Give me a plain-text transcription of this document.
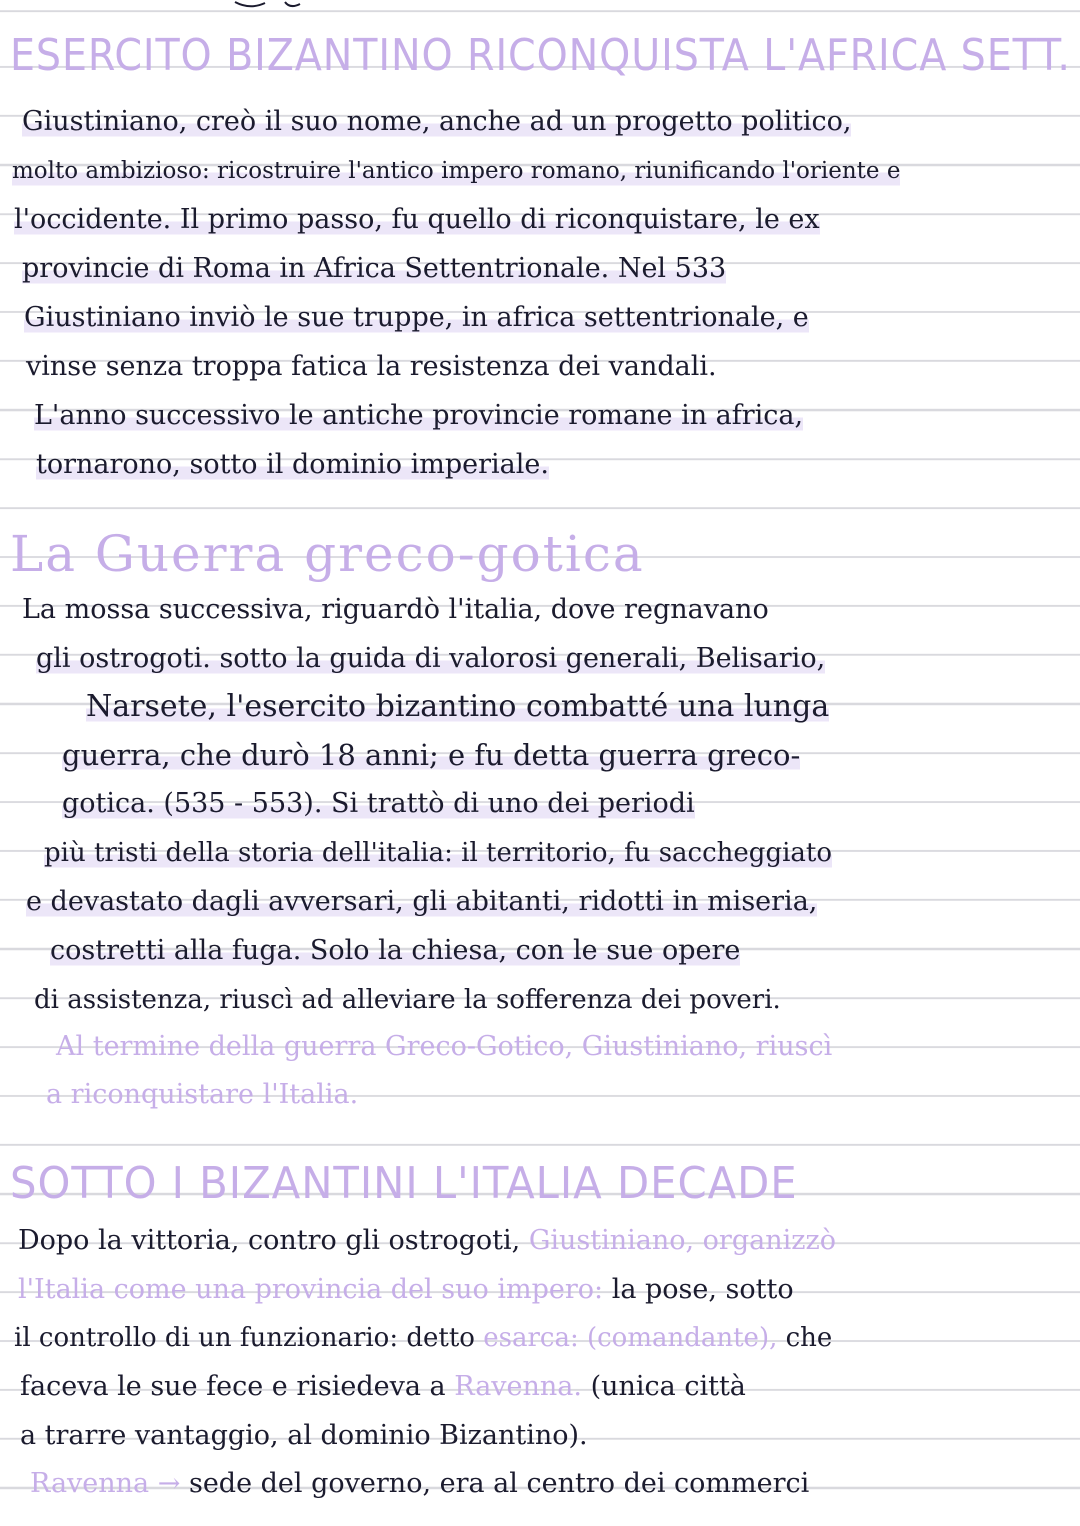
ESERCITO BIZANTINO RICONQUISTA L'AFRICA SETT.
Giustiniano, creò il suo nome, anche ad un progetto politico,
molto ambizioso: ricostruire l'antico impero romano, riunificando l'oriente e
l'occidente. Il primo passo, fu quello di riconquistare, le ex
provincie di Roma in Africa Settentrionale. Nel 533
Giustiniano inviò le sue truppe, in africa settentrionale, e
vinse senza troppa fatica la resistenza dei vandali.
L'anno successivo le antiche provincie romane in africa,
tornarono, sotto il dominio imperiale.
La Guerra greco-gotica
La mossa successiva, riguardò l'italia, dove regnavano
gli ostrogoti. sotto la guida di valorosi generali, Belisario,
Narsete, l'esercito bizantino combatté una lunga
guerra, che durò 18 anni; e fu detta guerra greco-
gotica. (535 - 553). Si trattò di uno dei periodi
più tristi della storia dell'italia: il territorio, fu saccheggiato
e devastato dagli avversari, gli abitanti, ridotti in miseria,
costretti alla fuga. Solo la chiesa, con le sue opere
di assistenza, riuscì ad alleviare la sofferenza dei poveri.
Al termine della guerra Greco-Gotico, Giustiniano, riuscì
a riconquistare l'Italia.
SOTTO I BIZANTINI L'ITALIA DECADE
Dopo la vittoria, contro gli ostrogoti, Giustiniano, organizzò
l'Italia come una provincia del suo impero: la pose, sotto
il controllo di un funzionario: detto esarca: (comandante), che
faceva le sue fece e risiedeva a Ravenna. (unica città
a trarre vantaggio, al dominio Bizantino).
Ravenna → sede del governo, era al centro dei commerci
